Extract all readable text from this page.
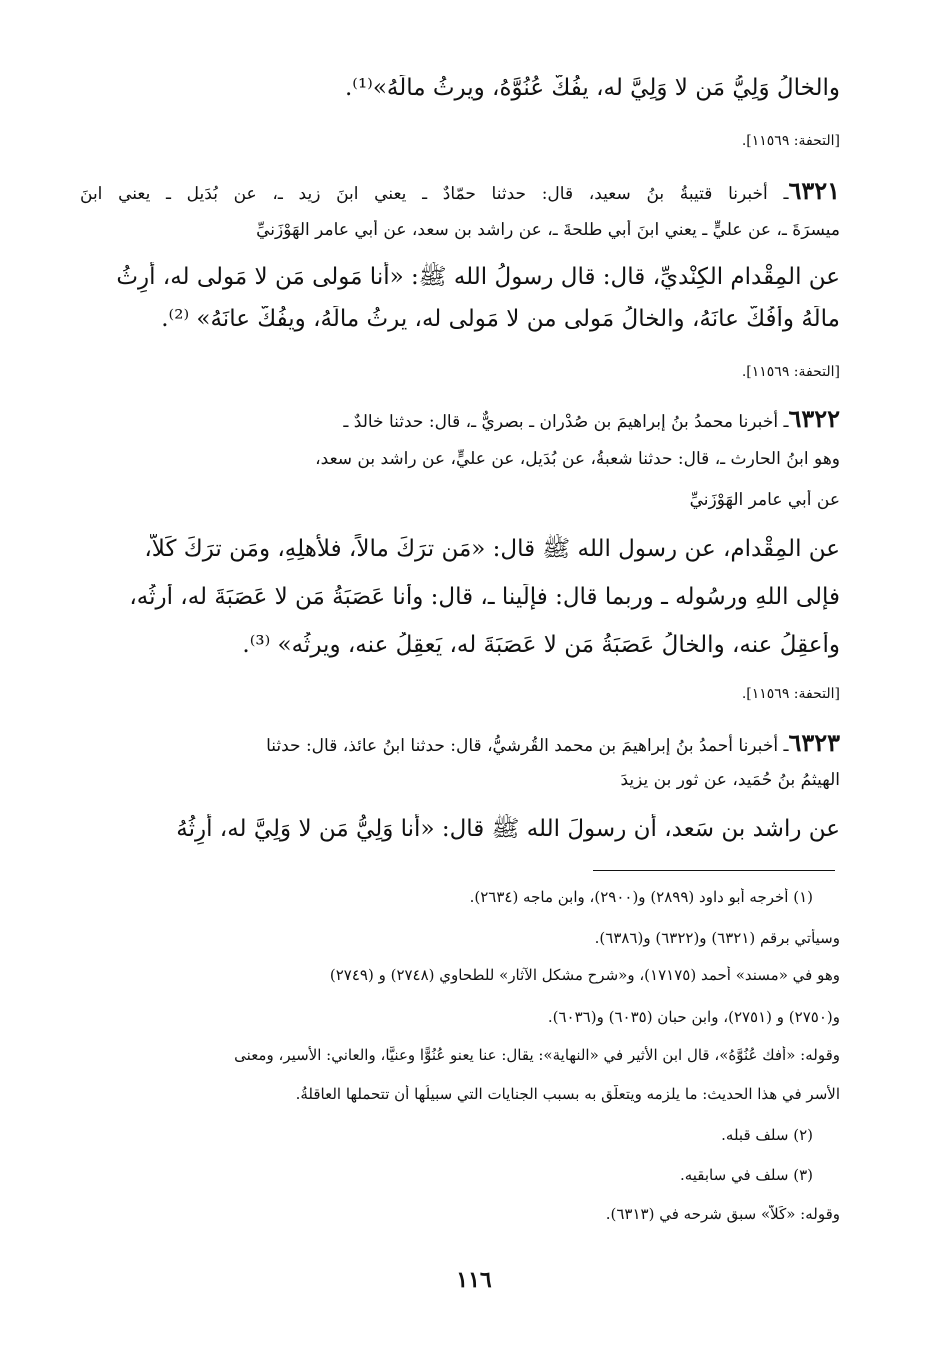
والخالُ وَلِيُّ مَن لا وَلِيَّ له، يفُكُّ عُنُوَّهُ، ويرِثُ مالَهُ»⁽¹⁾.
[التحفة: ١١٥٦٩].
٦٣٢١ـ أخبرنا قتيبةُ بنُ سعيد، قال: حدثنا حمّادٌ ـ يعني ابنَ زيد ـ، عن بُدَيل ـ يعني ابنَ
ميسرَةَ ـ، عن عليٍّ ـ يعني ابنَ أبي طلحةَ ـ، عن راشد بن سعد، عن أبي عامر الهَوْزَنيِّ
عن المِقْدام الكِنْديِّ، قال: قال رسولُ الله ﷺ: «أنا مَولى مَن لا مَولى له، أرِثُ
مالَهُ وأفُكُّ عانَهُ، والخالُ مَولى من لا مَولى له، يرِثُ مالَهُ، ويفُكُّ عانَهُ» ⁽²⁾.
[التحفة: ١١٥٦٩].
٦٣٢٢ـ أخبرنا محمدُ بنُ إبراهيمَ بن صُدْران ـ بصريٌّ ـ، قال: حدثنا خالدٌ ـ
وهو ابنُ الحارث ـ، قال: حدثنا شعبةُ، عن بُدَيل، عن عليٍّ، عن راشد بن سعد،
عن أبي عامر الهَوْزَنيِّ
عن المِقْدام، عن رسول الله ﷺ قال: «مَن ترَكَ مالاً، فلأهلِهِ، ومَن ترَكَ كَلاًّ،
فإلى اللهِ ورسُوله ـ وربما قال: فإلَينا ـ، قال: وأنا عَصَبَةُ مَن لا عَصَبَةَ له، أرِثُه،
وأعقِلُ عنه، والخالُ عَصَبَةُ مَن لا عَصَبَةَ له، يَعقِلُ عنه، ويرِثُه» ⁽³⁾.
[التحفة: ١١٥٦٩].
٦٣٢٣ـ أخبرنا أحمدُ بنُ إبراهيمَ بن محمد القُرشيُّ، قال: حدثنا ابنُ عائذ، قال: حدثنا
الهيثمُ بنُ حُمَيد، عن ثور بن يزيدَ
عن راشد بن سَعد، أن رسولَ الله ﷺ قال: «أنا وَلِيُّ مَن لا وَلِيَّ له، أرِثُهُ
(١) أخرجه أبو داود (٢٨٩٩) و(٢٩٠٠)، وابن ماجه (٢٦٣٤).
وسيأتي برقم (٦٣٢١) و(٦٣٢٢) و(٦٣٨٦).
وهو في «مسند» أحمد (١٧١٧٥)، و«شرح مشكل الآثار» للطحاوي (٢٧٤٨) و (٢٧٤٩)
و(٢٧٥٠) و (٢٧٥١)، وابن حبان (٦٠٣٥) و(٦٠٣٦).
وقوله: «أفك عُنُوَّهُ»، قال ابن الأثير في «النهاية»: يقال: عنا يعنو عُنُوًّا وعنيًّا، والعاني: الأسير، ومعنى
الأسر في هذا الحديث: ما يلزمه ويتعلّق به بسبب الجنايات التي سبيلُها أن تتحملها العاقلةُ.
(٢) سلف قبله.
(٣) سلف في سابقيه.
وقوله: «كَلاًّ» سبق شرحه في (٦٣١٣).
١١٦
